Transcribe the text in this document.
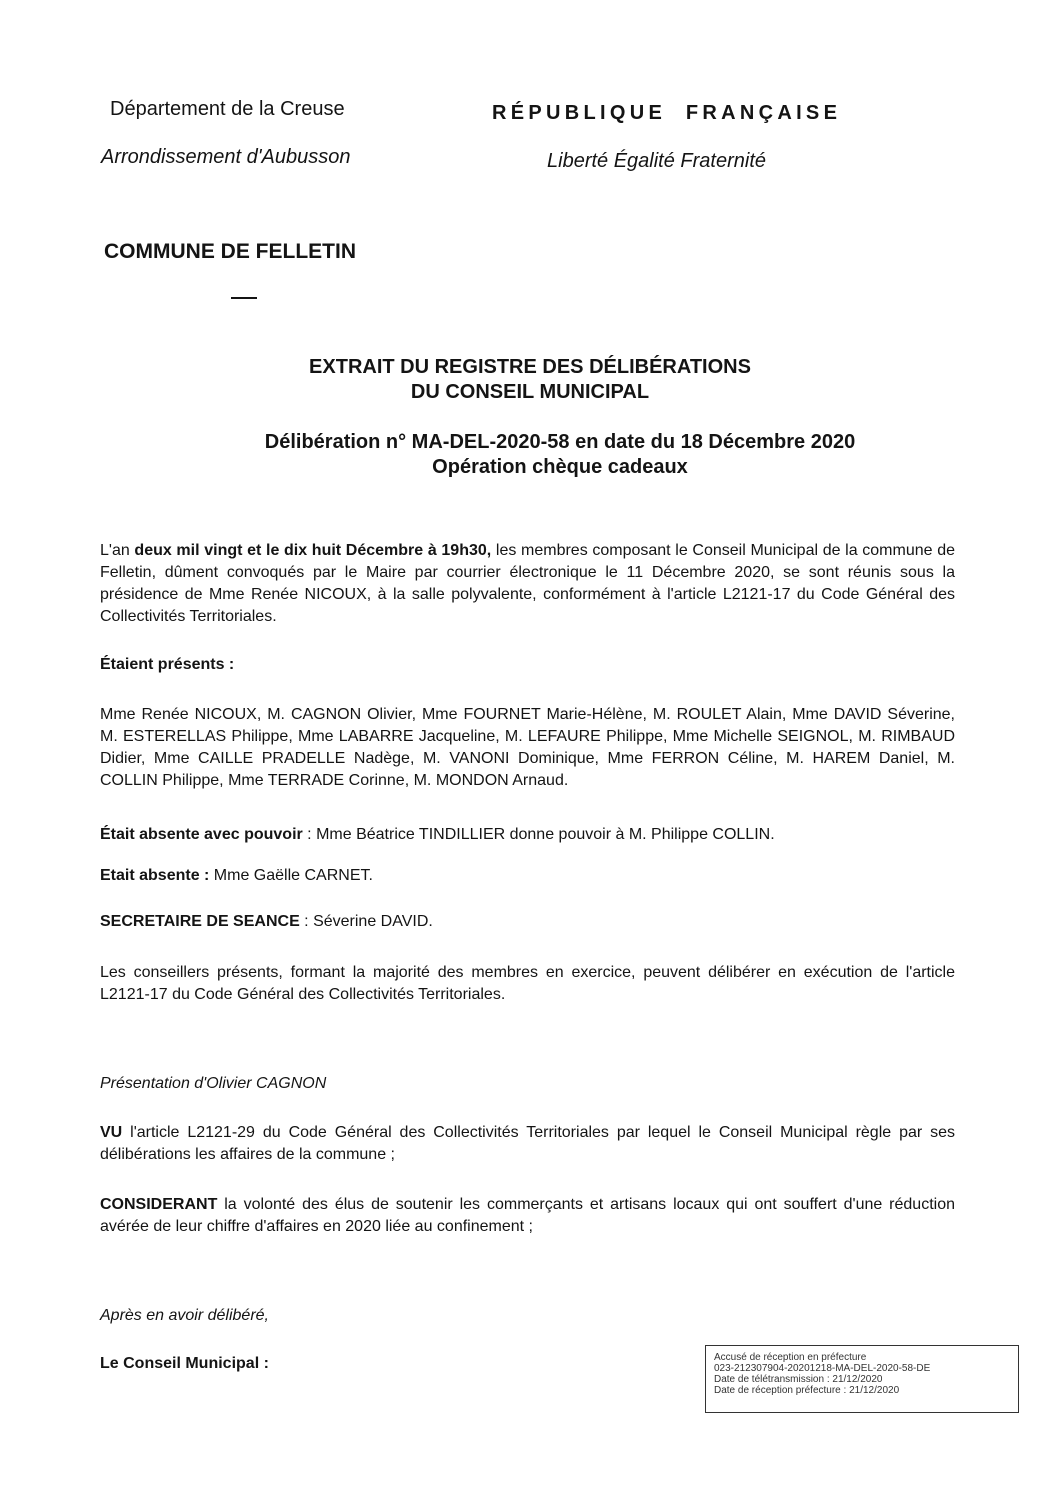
Département de la Creuse
Arrondissement d'Aubusson
RÉPUBLIQUE  FRANÇAISE
Liberté Égalité Fraternité
COMMUNE DE FELLETIN
EXTRAIT DU REGISTRE DES DÉLIBÉRATIONS
DU CONSEIL MUNICIPAL
Délibération n° MA-DEL-2020-58 en date du 18 Décembre 2020
Opération chèque cadeaux
L'an deux mil vingt et le dix huit Décembre à 19h30, les membres composant le Conseil Municipal de la commune de Felletin, dûment convoqués par le Maire par courrier électronique le 11 Décembre 2020, se sont réunis sous la présidence de Mme Renée NICOUX, à la salle polyvalente, conformément à l'article L2121-17 du Code Général des Collectivités Territoriales.
Étaient présents :
Mme Renée NICOUX, M. CAGNON Olivier, Mme FOURNET Marie-Hélène, M. ROULET Alain, Mme DAVID Séverine, M. ESTERELLAS Philippe, Mme LABARRE Jacqueline, M. LEFAURE Philippe, Mme Michelle SEIGNOL, M. RIMBAUD Didier, Mme CAILLE PRADELLE Nadège, M. VANONI Dominique, Mme FERRON Céline, M. HAREM Daniel, M. COLLIN Philippe, Mme TERRADE Corinne, M. MONDON Arnaud.
Était absente avec pouvoir : Mme Béatrice TINDILLIER donne pouvoir à M. Philippe COLLIN.
Etait absente : Mme Gaëlle CARNET.
SECRETAIRE DE SEANCE : Séverine DAVID.
Les conseillers présents, formant la majorité des membres en exercice, peuvent délibérer en exécution de l'article L2121-17 du Code Général des Collectivités Territoriales.
Présentation d'Olivier CAGNON
VU l'article L2121-29 du Code Général des Collectivités Territoriales par lequel le Conseil Municipal règle par ses délibérations les affaires de la commune ;
CONSIDERANT la volonté des élus de soutenir les commerçants et artisans locaux qui ont souffert d'une réduction avérée de leur chiffre d'affaires en 2020 liée au confinement ;
Après en avoir délibéré,
Le Conseil Municipal :	Accusé de réception en préfecture
023-212307904-20201218-MA-DEL-2020-58-DE
Date de télétransmission : 21/12/2020
Date de réception préfecture : 21/12/2020
